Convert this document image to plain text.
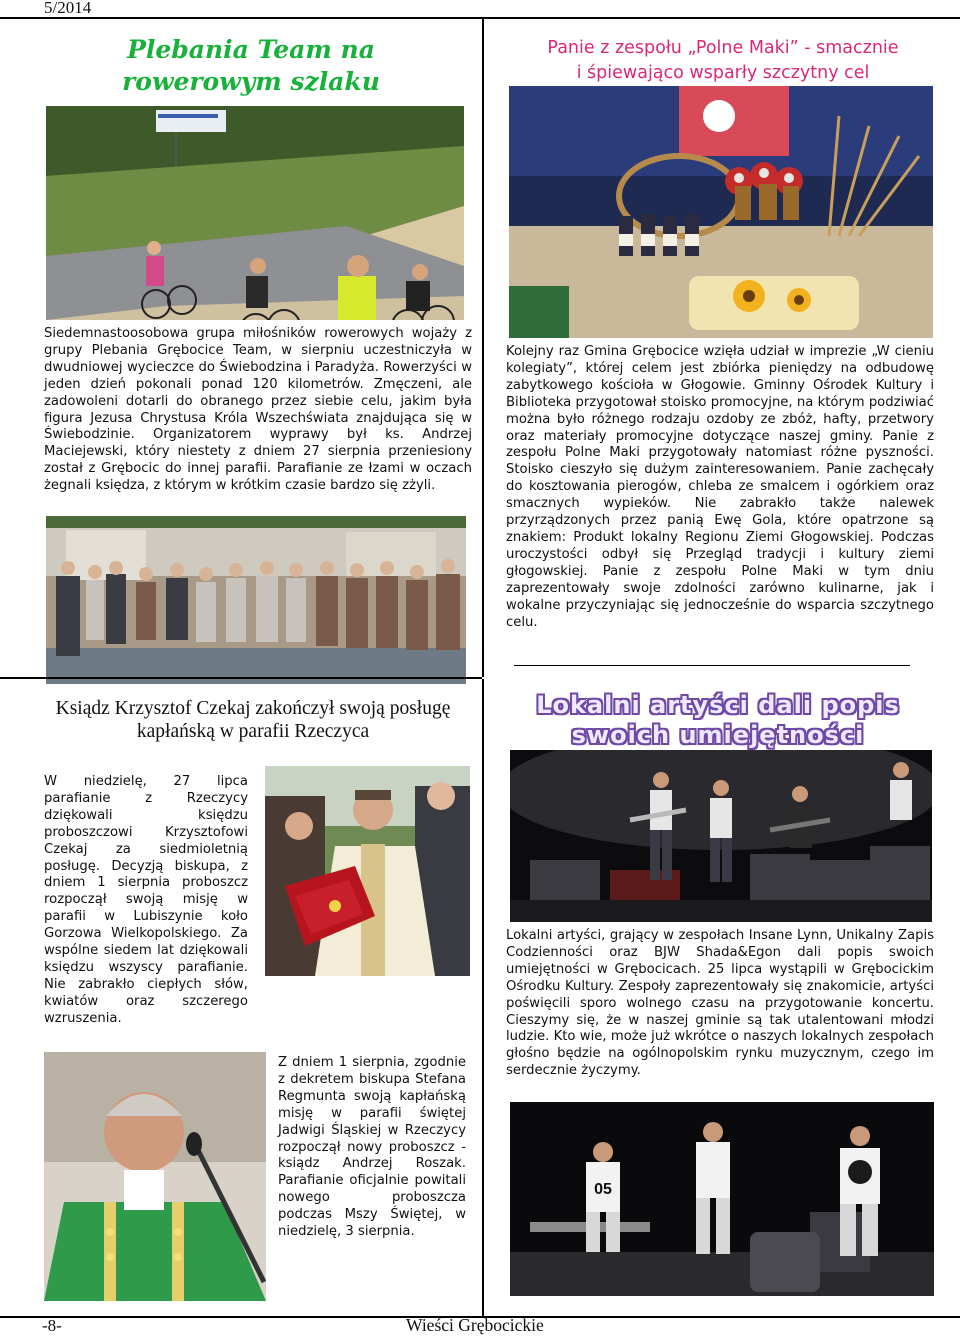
5/2014
Plebania Team na rowerowym szlaku

Siedemnastoosobowa grupa miłośników rowerowych wojaży z grupy Plebania Grębocice Team, w sierpniu uczestniczyła w dwudniowej wycieczce do Świebodzina i Paradyża. Rowerzyści w jeden dzień pokonali ponad 120 kilometrów. Zmęczeni, ale zadowoleni dotarli do obranego przez siebie celu, jakim była figura Jezusa Chrystusa Króla Wszechświata znajdująca się w Świebodzinie. Organizatorem wyprawy był ks. Andrzej Maciejewski, który niestety z dniem 27 sierpnia przeniesiony został z Grębocic do innej parafii. Parafianie ze łzami w oczach żegnali księdza, z którym w krótkim czasie bardzo się zżyli.

Panie z zespołu „Polne Maki” - smacznie
i śpiewająco wsparły szczytny cel

Kolejny raz Gmina Grębocice wzięła udział w imprezie „W cieniu kolegiaty”, której celem jest zbiórka pieniędzy na odbudowę zabytkowego kościoła w Głogowie. Gminny Ośrodek Kultury i Biblioteka przygotował stoisko promocyjne, na którym podziwiać można było różnego rodzaju ozdoby ze zbóż, hafty, przetwory oraz materiały promocyjne dotyczące naszej gminy. Panie z zespołu Polne Maki przygotowały natomiast różne pyszności. Stoisko cieszyło się dużym zainteresowaniem. Panie zachęcały do kosztowania pierogów, chleba ze smalcem i ogórkiem oraz smacznych wypieków. Nie zabrakło także nalewek przyrządzonych przez panią Ewę Gola, które opatrzone są znakiem: Produkt lokalny Regionu Ziemi Głogowskiej. Podczas uroczystości odbył się Przegląd tradycji i kultury ziemi głogowskiej. Panie z zespołu Polne Maki w tym dniu zaprezentowały swoje zdolności zarówno kulinarne, jak i wokalne przyczyniając się jednocześnie do wsparcia szczytnego celu.

Ksiądz Krzysztof Czekaj zakończył swoją posługę
kapłańską w parafii Rzeczyca

W niedzielę, 27 lipca parafianie z Rzeczycy dziękowali księdzu proboszczowi Krzysztofowi Czekaj za siedmioletnią posługę. Decyzją biskupa, z dniem 1 sierpnia proboszcz rozpoczął swoją misję w parafii w Lubiszynie koło Gorzowa Wielkopolskiego. Za wspólne siedem lat dziękowali księdzu wszyscy parafianie. Nie zabrakło ciepłych słów, kwiatów oraz szczerego wzruszenia.

Z dniem 1 sierpnia, zgodnie z dekretem biskupa Stefana Regmunta swoją kapłańską misję w parafii świętej Jadwigi Śląskiej w Rzeczycy rozpoczął nowy proboszcz - ksiądz Andrzej Roszak. Parafianie oficjalnie powitali nowego proboszcza podczas Mszy Świętej, w niedzielę, 3 sierpnia.

Lokalni artyści dali popis
swoich umiejętności

Lokalni artyści, grający w zespołach Insane Lynn, Unikalny Zapis Codzienności oraz BJW Shada&Egon dali popis swoich umiejętności w Grębocicach. 25 lipca wystąpili w Grębocickim Ośrodku Kultury. Zespoły zaprezentowały się znakomicie, artyści poświęcili sporo wolnego czasu na przygotowanie koncertu. Cieszymy się, że w naszej gminie są tak utalentowani młodzi ludzie. Kto wie, może już wkrótce o naszych lokalnych zespołach głośno będzie na ogólnopolskim rynku muzycznym, czego im serdecznie życzymy.

05
-8-	Wieści Grębocickie
